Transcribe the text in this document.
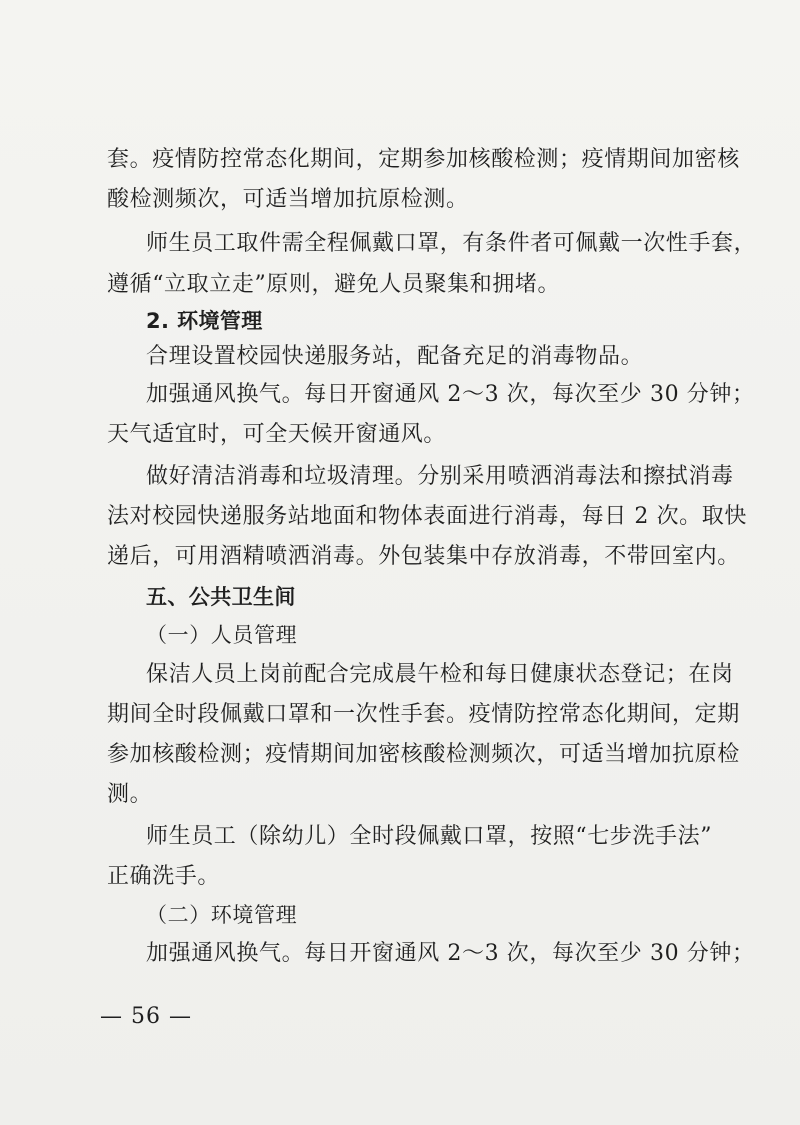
套。疫情防控常态化期间，定期参加核酸检测；疫情期间加密核
酸检测频次，可适当增加抗原检测。
师生员工取件需全程佩戴口罩，有条件者可佩戴一次性手套，
遵循“立取立走”原则，避免人员聚集和拥堵。
2. 环境管理
合理设置校园快递服务站，配备充足的消毒物品。
加强通风换气。每日开窗通风 2～3 次，每次至少 30 分钟；
天气适宜时，可全天候开窗通风。
做好清洁消毒和垃圾清理。分别采用喷洒消毒法和擦拭消毒
法对校园快递服务站地面和物体表面进行消毒，每日 2 次。取快
递后，可用酒精喷洒消毒。外包装集中存放消毒，不带回室内。
五、公共卫生间
（一）人员管理
保洁人员上岗前配合完成晨午检和每日健康状态登记；在岗
期间全时段佩戴口罩和一次性手套。疫情防控常态化期间，定期
参加核酸检测；疫情期间加密核酸检测频次，可适当增加抗原检
测。
师生员工（除幼儿）全时段佩戴口罩，按照“七步洗手法”
正确洗手。
（二）环境管理
加强通风换气。每日开窗通风 2～3 次，每次至少 30 分钟；
— 56 —
